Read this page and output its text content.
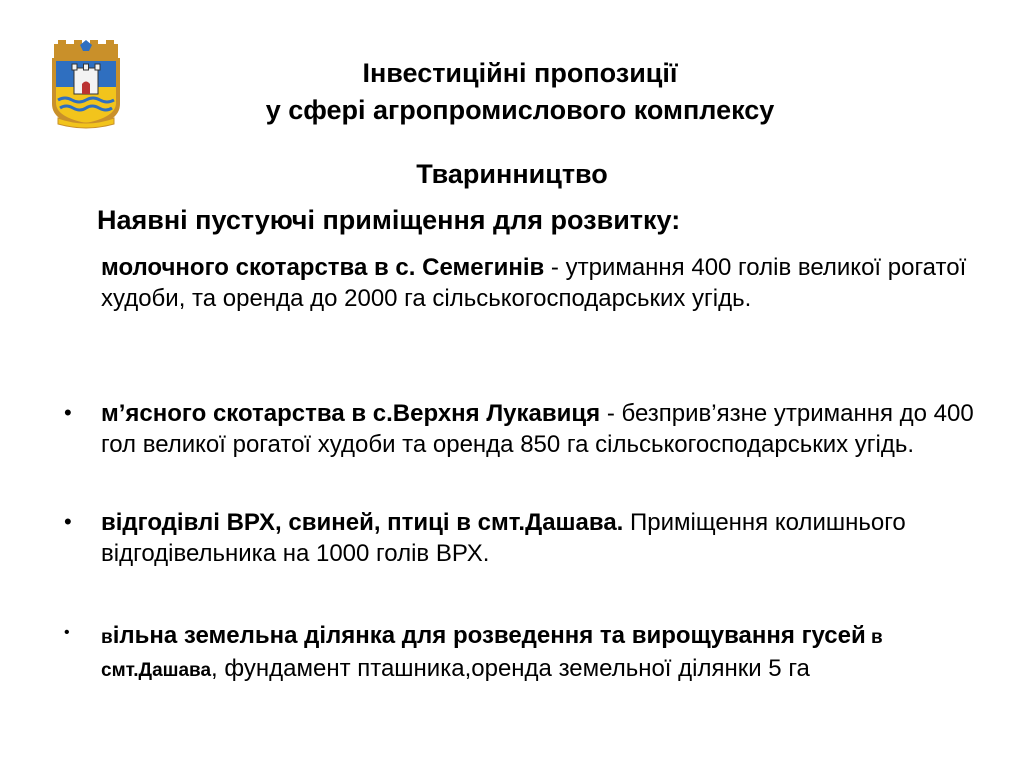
Інвестиційні пропозиції
у сфері агропромислового комплексу
Тваринництво
Наявні пустуючі приміщення для розвитку:
молочного скотарства в с. Семегинів - утримання 400 голів великої рогатої худоби, та оренда до 2000 га сільськогосподарських угідь.
• м’ясного скотарства в с.Верхня Лукавиця - безприв’язне утримання до 400 гол великої рогатої худоби та оренда 850 га сільськогосподарських угідь.
• відгодівлі ВРХ, свиней, птиці в смт.Дашава. Приміщення колишнього відгодівельника на 1000 голів ВРХ.
• вільна земельна ділянка для розведення та вирощування гусей в смт.Дашава, фундамент пташника,оренда земельної ділянки 5 га
